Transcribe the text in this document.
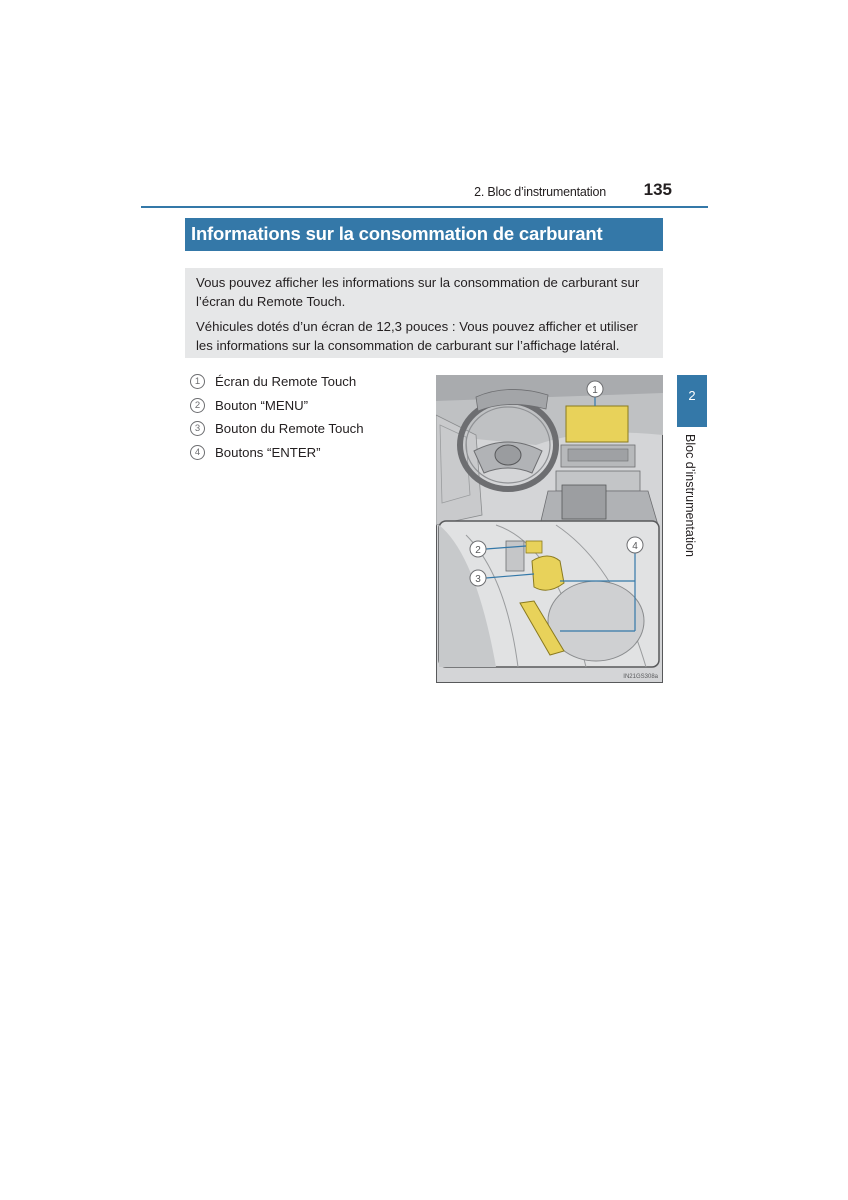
2. Bloc d’instrumentation 135
Informations sur la consommation de carburant

Vous pouvez afficher les informations sur la consommation de carburant sur l’écran du Remote Touch.

Véhicules dotés d’un écran de 12,3 pouces : Vous pouvez afficher et utiliser les informations sur la consommation de carburant sur l’affichage latéral.

1	Écran du Remote Touch
2	Bouton “MENU”
3	Bouton du Remote Touch
4	Boutons “ENTER”
1
2
3
4
IN21GS308a
2
Bloc d’instrumentation
